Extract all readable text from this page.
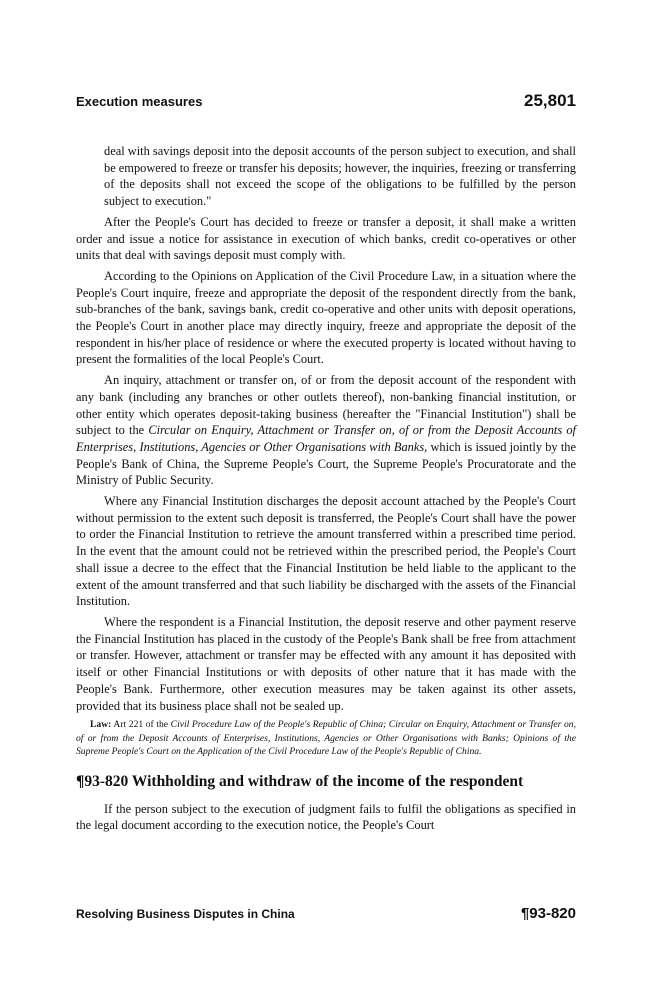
Execution measures	25,801

deal with savings deposit into the deposit accounts of the person subject to execution, and shall be empowered to freeze or transfer his deposits; however, the inquiries, freezing or transferring of the deposits shall not exceed the scope of the obligations to be fulfilled by the person subject to execution."

After the People's Court has decided to freeze or transfer a deposit, it shall make a written order and issue a notice for assistance in execution of which banks, credit co-operatives or other units that deal with savings deposit must comply with.

According to the Opinions on Application of the Civil Procedure Law, in a situation where the People's Court inquire, freeze and appropriate the deposit of the respondent directly from the bank, sub-branches of the bank, savings bank, credit co-operative and other units with deposit operations, the People's Court in another place may directly inquiry, freeze and appropriate the deposit of the respondent in his/her place of residence or where the executed property is located without having to present the formalities of the local People's Court.

An inquiry, attachment or transfer on, of or from the deposit account of the respondent with any bank (including any branches or other outlets thereof), non-banking financial institution, or other entity which operates deposit-taking business (hereafter the "Financial Institution") shall be subject to the Circular on Enquiry, Attachment or Transfer on, of or from the Deposit Accounts of Enterprises, Institutions, Agencies or Other Organisations with Banks, which is issued jointly by the People's Bank of China, the Supreme People's Court, the Supreme People's Procuratorate and the Ministry of Public Security.

Where any Financial Institution discharges the deposit account attached by the People's Court without permission to the extent such deposit is transferred, the People's Court shall have the power to order the Financial Institution to retrieve the amount transferred within a prescribed time period. In the event that the amount could not be retrieved within the prescribed period, the People's Court shall issue a decree to the effect that the Financial Institution be held liable to the applicant to the extent of the amount transferred and that such liability be discharged with the assets of the Financial Institution.

Where the respondent is a Financial Institution, the deposit reserve and other payment reserve the Financial Institution has placed in the custody of the People's Bank shall be free from attachment or transfer. However, attachment or transfer may be effected with any amount it has deposited with itself or other Financial Institutions or with deposits of other nature that it has made with the People's Bank. Furthermore, other execution measures may be taken against its other assets, provided that its business place shall not be sealed up.

Law: Art 221 of the Civil Procedure Law of the People's Republic of China; Circular on Enquiry, Attachment or Transfer on, of or from the Deposit Accounts of Enterprises, Institutions, Agencies or Other Organisations with Banks; Opinions of the Supreme People's Court on the Application of the Civil Procedure Law of the People's Republic of China.

¶93-820 Withholding and withdraw of the income of the respondent

If the person subject to the execution of judgment fails to fulfil the obligations as specified in the legal document according to the execution notice, the People's Court

Resolving Business Disputes in China	¶93-820
